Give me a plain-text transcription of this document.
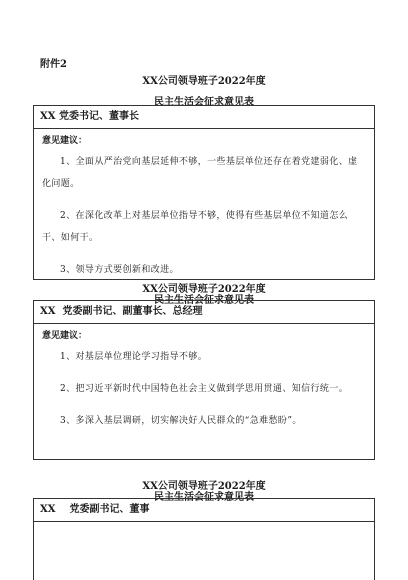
附件2
XX公司领导班子2022年度
民主生活会征求意见表
XX 党委书记、董事长
意见建议：
1、全面从严治党向基层延伸不够，一些基层单位还存在着党建弱化、虚化问题。
2、在深化改革上对基层单位指导不够，使得有些基层单位不知道怎么干、如何干。
3、领导方式要创新和改进。
XX公司领导班子2022年度
民主生活会征求意见表
XX  党委副书记、副董事长、总经理
意见建议：
1、对基层单位理论学习指导不够。
2、把习近平新时代中国特色社会主义做到学思用贯通、知信行统一。
3、多深入基层调研，切实解决好人民群众的“急难愁盼”。
XX公司领导班子2022年度
民主生活会征求意见表
XX    党委副书记、董事
